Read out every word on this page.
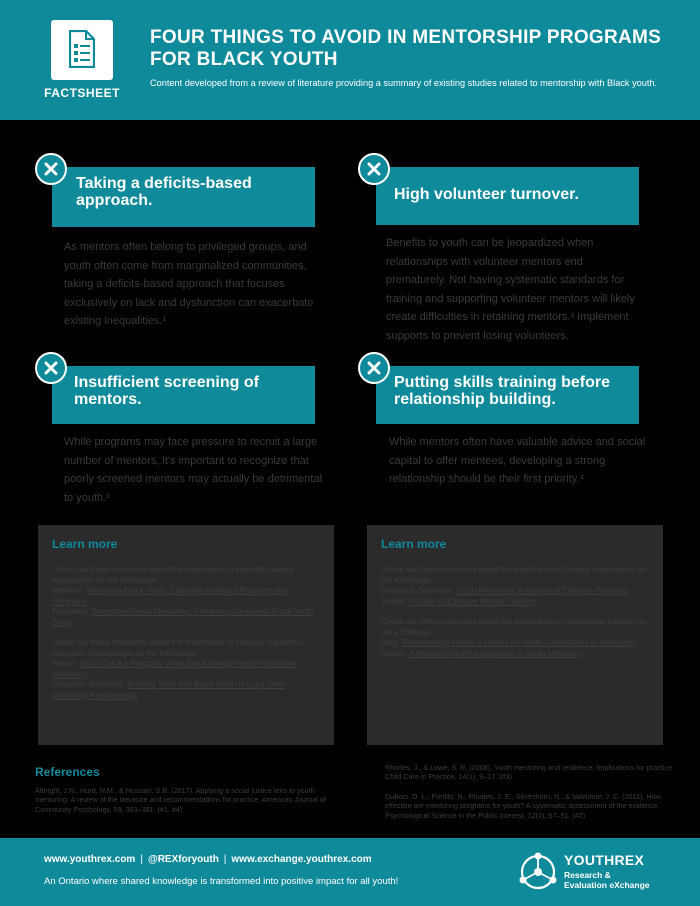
FACTSHEET
FOUR THINGS TO AVOID IN MENTORSHIP PROGRAMS FOR BLACK YOUTH
Content developed from a review of literature providing a summary of existing studies related to mentorship with Black youth.
Taking a deficits-based approach.
As mentors often belong to privileged groups, and youth often come from marginalized communities, taking a deficits-based approach that focuses exclusively on lack and dysfunction can exacerbate existing inequalities.¹
High volunteer turnover.
Benefits to youth can be jeopardized when relationships with volunteer mentors end prematurely. Not having systematic standards for training and supporting volunteer mentors will likely create difficulties in retaining mentors.³ Implement supports to prevent losing volunteers.
Insufficient screening of mentors.
While programs may face pressure to recruit a large number of mentors, it's important to recognize that poorly screened mentors may actually be detrimental to youth.²
Putting skills training before relationship building.
While mentors often have valuable advice and social capital to offer mentees, developing a strong relationship should be their first priority.⁴
Learn more

Check out these resources about the importance of strengths-based approaches on the eXchange.
Webinar: Mentoring Black Youth: Culturally Relevant Practices and Programs
Factsheet: Strengths-Based Mentoring: Reframing the Assets Black Youth Bring

Check out these resources about the importance of creating supportive, long-term relationships on the eXchange.
Report: Don't Call It a Program: What Black Young People Want from Mentoring
Research Summary: Building Trust with Black Youth in Long-Term Mentoring Relationships

Learn more

Check out these resources about the importance of mentor competency on the eXchange.
Research Summary: Youth Mentoring: A Review of Effective Practices
Toolkit: A Guide to Effective Mentor Training

Check out these resources about the importance of relationship building on the eXchange.
Blog: Relationships Matter: Lessons on Youth Connections in Mentoring
Report: A Relationship-First Approach to Youth Mentoring

References
Albright, J.N., Hurd, N.M., & Hussain, S.B. (2017). Applying a social justice lens to youth mentoring: A review of the literature and recommendations for practice. American Journal of Community Psychology, 59, 363–381. (#1, #4)
Rhodes, J., & Lowe, S. R. (2008). Youth mentoring and resilience: Implications for practice. Child Care in Practice, 14(1), 9–17. (#3)
DuBois, D. L., Portillo, N., Rhodes, J. E., Silverthorn, N., & Valentine, J. C. (2011). How effective are mentoring programs for youth? A systematic assessment of the evidence. Psychological Science in the Public Interest, 12(2), 57–91. (#2)
www.youthrex.com | @REXforyouth | www.exchange.youthrex.com
An Ontario where shared knowledge is transformed into positive impact for all youth!
YOUTHREX
Research &
Evaluation eXchange
